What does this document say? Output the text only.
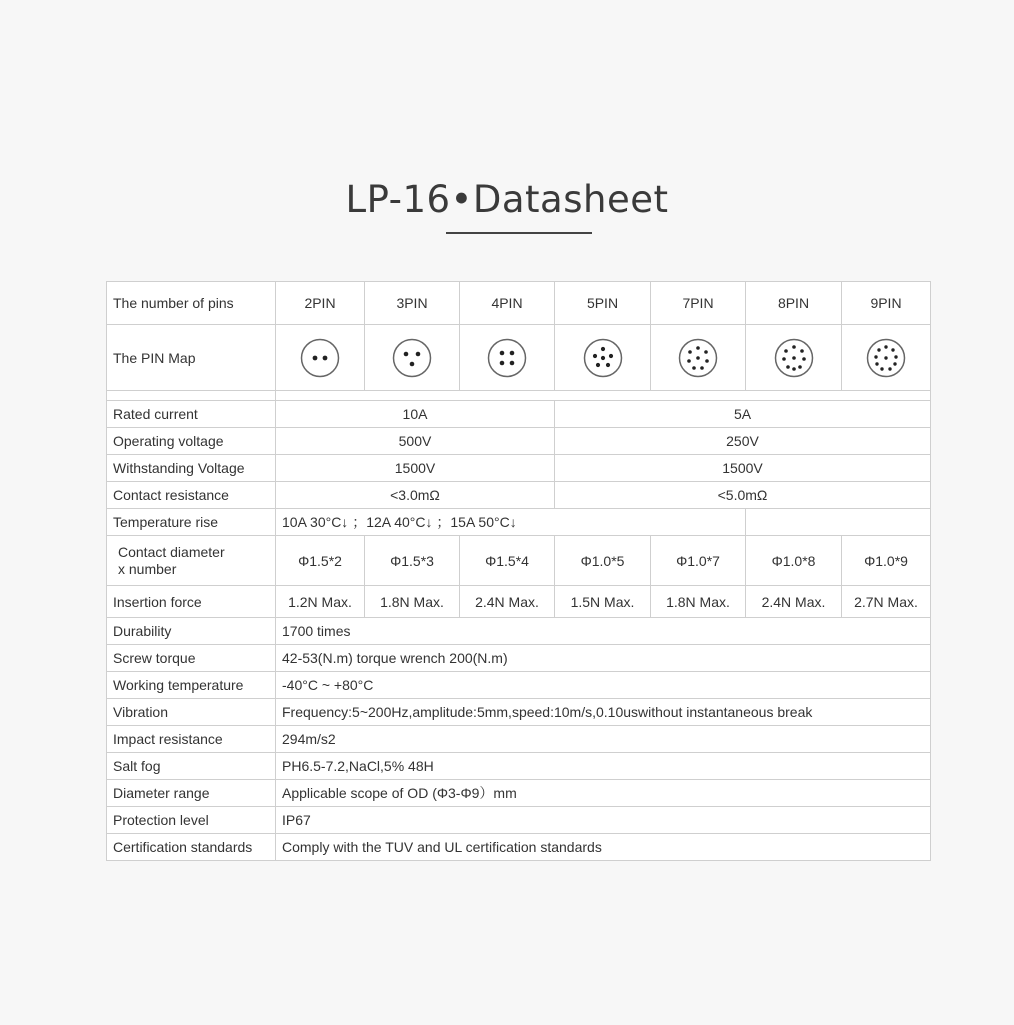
LP-16•Datasheet
The number of pins	2PIN	3PIN	4PIN	5PIN	7PIN	8PIN	9PIN
The PIN Map	

Rated current	10A			5A			
Operating voltage	500V			250V			
Withstanding Voltage	1500V			1500V			
Contact resistance	<3.0mΩ			<5.0mΩ			
Temperature rise	10A 30°C↓ ；12A 40°C↓ ；15A 50°C↓						

Contact diameter
x number	Φ1.5*2	Φ1.5*3	Φ1.5*4	Φ1.0*5	Φ1.0*7	Φ1.0*8	Φ1.0*9
Insertion force	1.2N Max.	1.8N Max.	2.4N Max.	1.5N Max.	1.8N Max.	2.4N Max.	2.7N Max.
Durability	1700 times						
Screw torque	42-53(N.m) torque wrench 200(N.m)						
Working temperature	-40°C ~ +80°C						
Vibration	Frequency:5~200Hz,amplitude:5mm,speed:10m/s,0.10uswithout instantaneous break						
Impact resistance	294m/s2						
Salt fog	PH6.5-7.2,NaCl,5% 48H						
Diameter range	Applicable scope of OD (Φ3-Φ9）mm						
Protection level	IP67						
Certification standards	Comply with the TUV and UL certification standards						
